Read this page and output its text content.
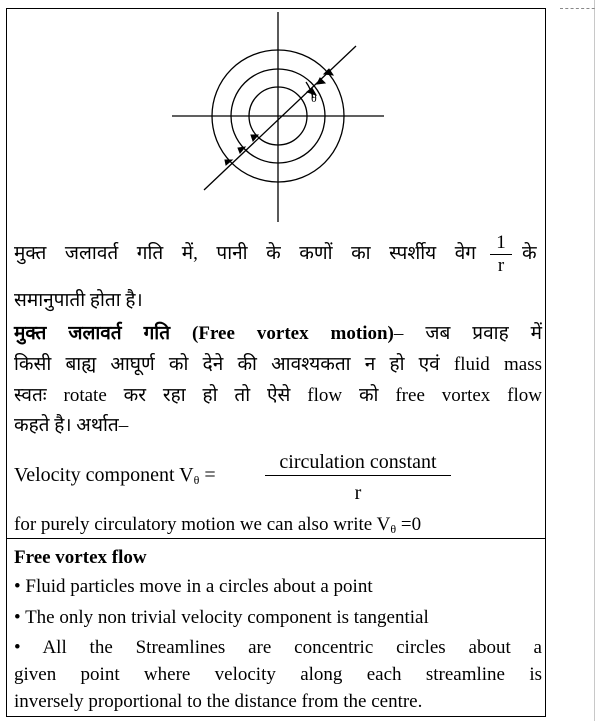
θ
मुक्त जलावर्त गति में, पानी के कणों का स्पर्शीय वेग $\frac{1}{r}$ के
समानुपाती होता है।
मुक्त जलावर्त गति (Free vortex motion)– जब प्रवाह में
किसी बाह्य आघूर्ण को देने की आवश्यकता न हो एवं fluid mass
स्वतः rotate कर रहा हो तो ऐसे flow को free vortex flow
कहते है। अर्थात–
Velocity component $V_\theta$ =
circulation constant
r
for purely circulatory motion we can also write $V_\theta =0$
Free vortex flow
• Fluid particles move in a circles about a point
• The only non trivial velocity component is tangential
• All the Streamlines are concentric circles about a
given point where velocity along each streamline is
inversely proportional to the distance from the centre.
